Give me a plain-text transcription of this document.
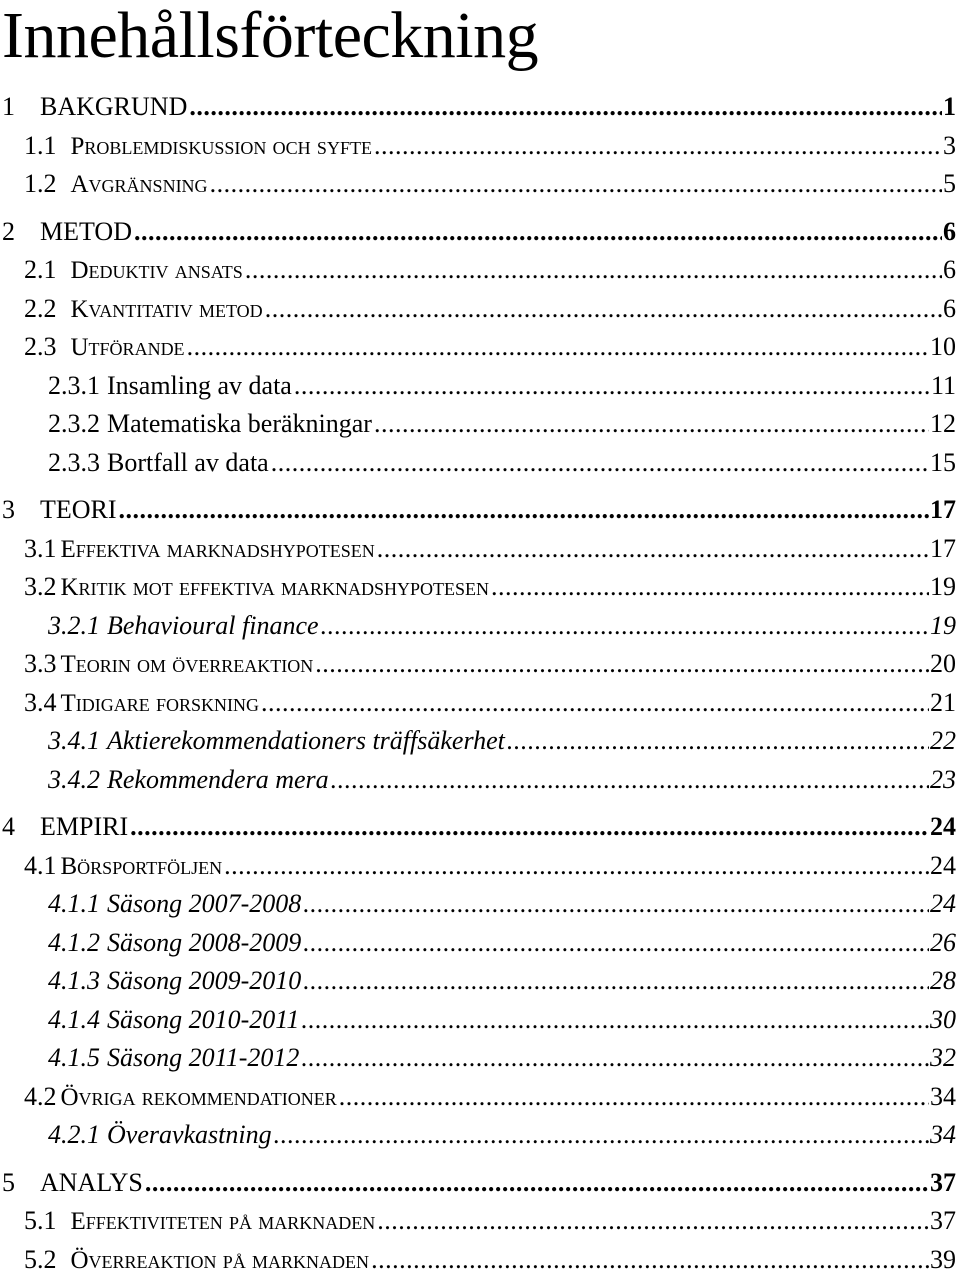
Innehållsförteckning
1 BAKGRUND .....	1
1.1 Problemdiskussion och syfte .....	3
1.2 Avgränsning .....	5
2 METOD .....	6
2.1 Deduktiv ansats .....	6
2.2 Kvantitativ metod .....	6
2.3 Utförande .....	10
2.3.1 Insamling av data .....	11
2.3.2 Matematiska beräkningar .....	12
2.3.3 Bortfall av data .....	15
3 TEORI .....	17
3.1 Effektiva marknadshypotesen .....	17
3.2 Kritik mot effektiva marknadshypotesen .....	19
3.2.1 Behavioural finance .....	19
3.3 Teorin om överreaktion .....	20
3.4 Tidigare forskning .....	21
3.4.1 Aktierekommendationers träffsäkerhet .....	22
3.4.2 Rekommendera mera .....	23
4 EMPIRI .....	24
4.1 Börsportföljen .....	24
4.1.1 Säsong 2007-2008 .....	24
4.1.2 Säsong 2008-2009 .....	26
4.1.3 Säsong 2009-2010 .....	28
4.1.4 Säsong 2010-2011 .....	30
4.1.5 Säsong 2011-2012 .....	32
4.2 Övriga rekommendationer .....	34
4.2.1 Överavkastning .....	34
5 ANALYS .....	37
5.1 Effektiviteten på marknaden .....	37
5.2 Överreaktion på marknaden .....	39
